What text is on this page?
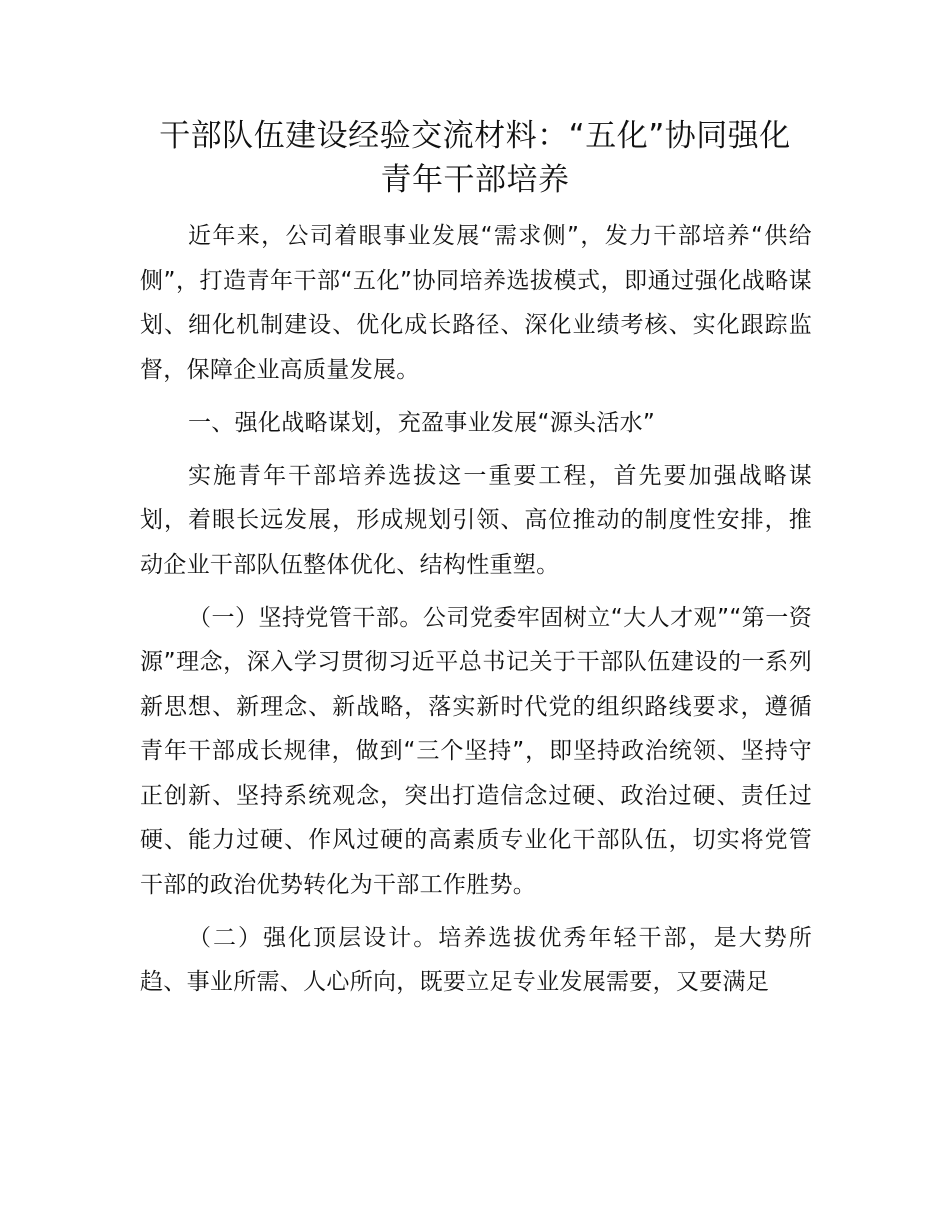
干部队伍建设经验交流材料：“五化”协同强化
青年干部培养

近年来，公司着眼事业发展“需求侧”，发力干部培养“供给侧”，打造青年干部“五化”协同培养选拔模式，即通过强化战略谋划、细化机制建设、优化成长路径、深化业绩考核、实化跟踪监督，保障企业高质量发展。

一、强化战略谋划，充盈事业发展“源头活水”

实施青年干部培养选拔这一重要工程，首先要加强战略谋划，着眼长远发展，形成规划引领、高位推动的制度性安排，推动企业干部队伍整体优化、结构性重塑。

（一）坚持党管干部。公司党委牢固树立“大人才观”“第一资源”理念，深入学习贯彻习近平总书记关于干部队伍建设的一系列新思想、新理念、新战略，落实新时代党的组织路线要求，遵循青年干部成长规律，做到“三个坚持”，即坚持政治统领、坚持守正创新、坚持系统观念，突出打造信念过硬、政治过硬、责任过硬、能力过硬、作风过硬的高素质专业化干部队伍，切实将党管干部的政治优势转化为干部工作胜势。

（二）强化顶层设计。培养选拔优秀年轻干部，是大势所趋、事业所需、人心所向，既要立足专业发展需要，又要满足
